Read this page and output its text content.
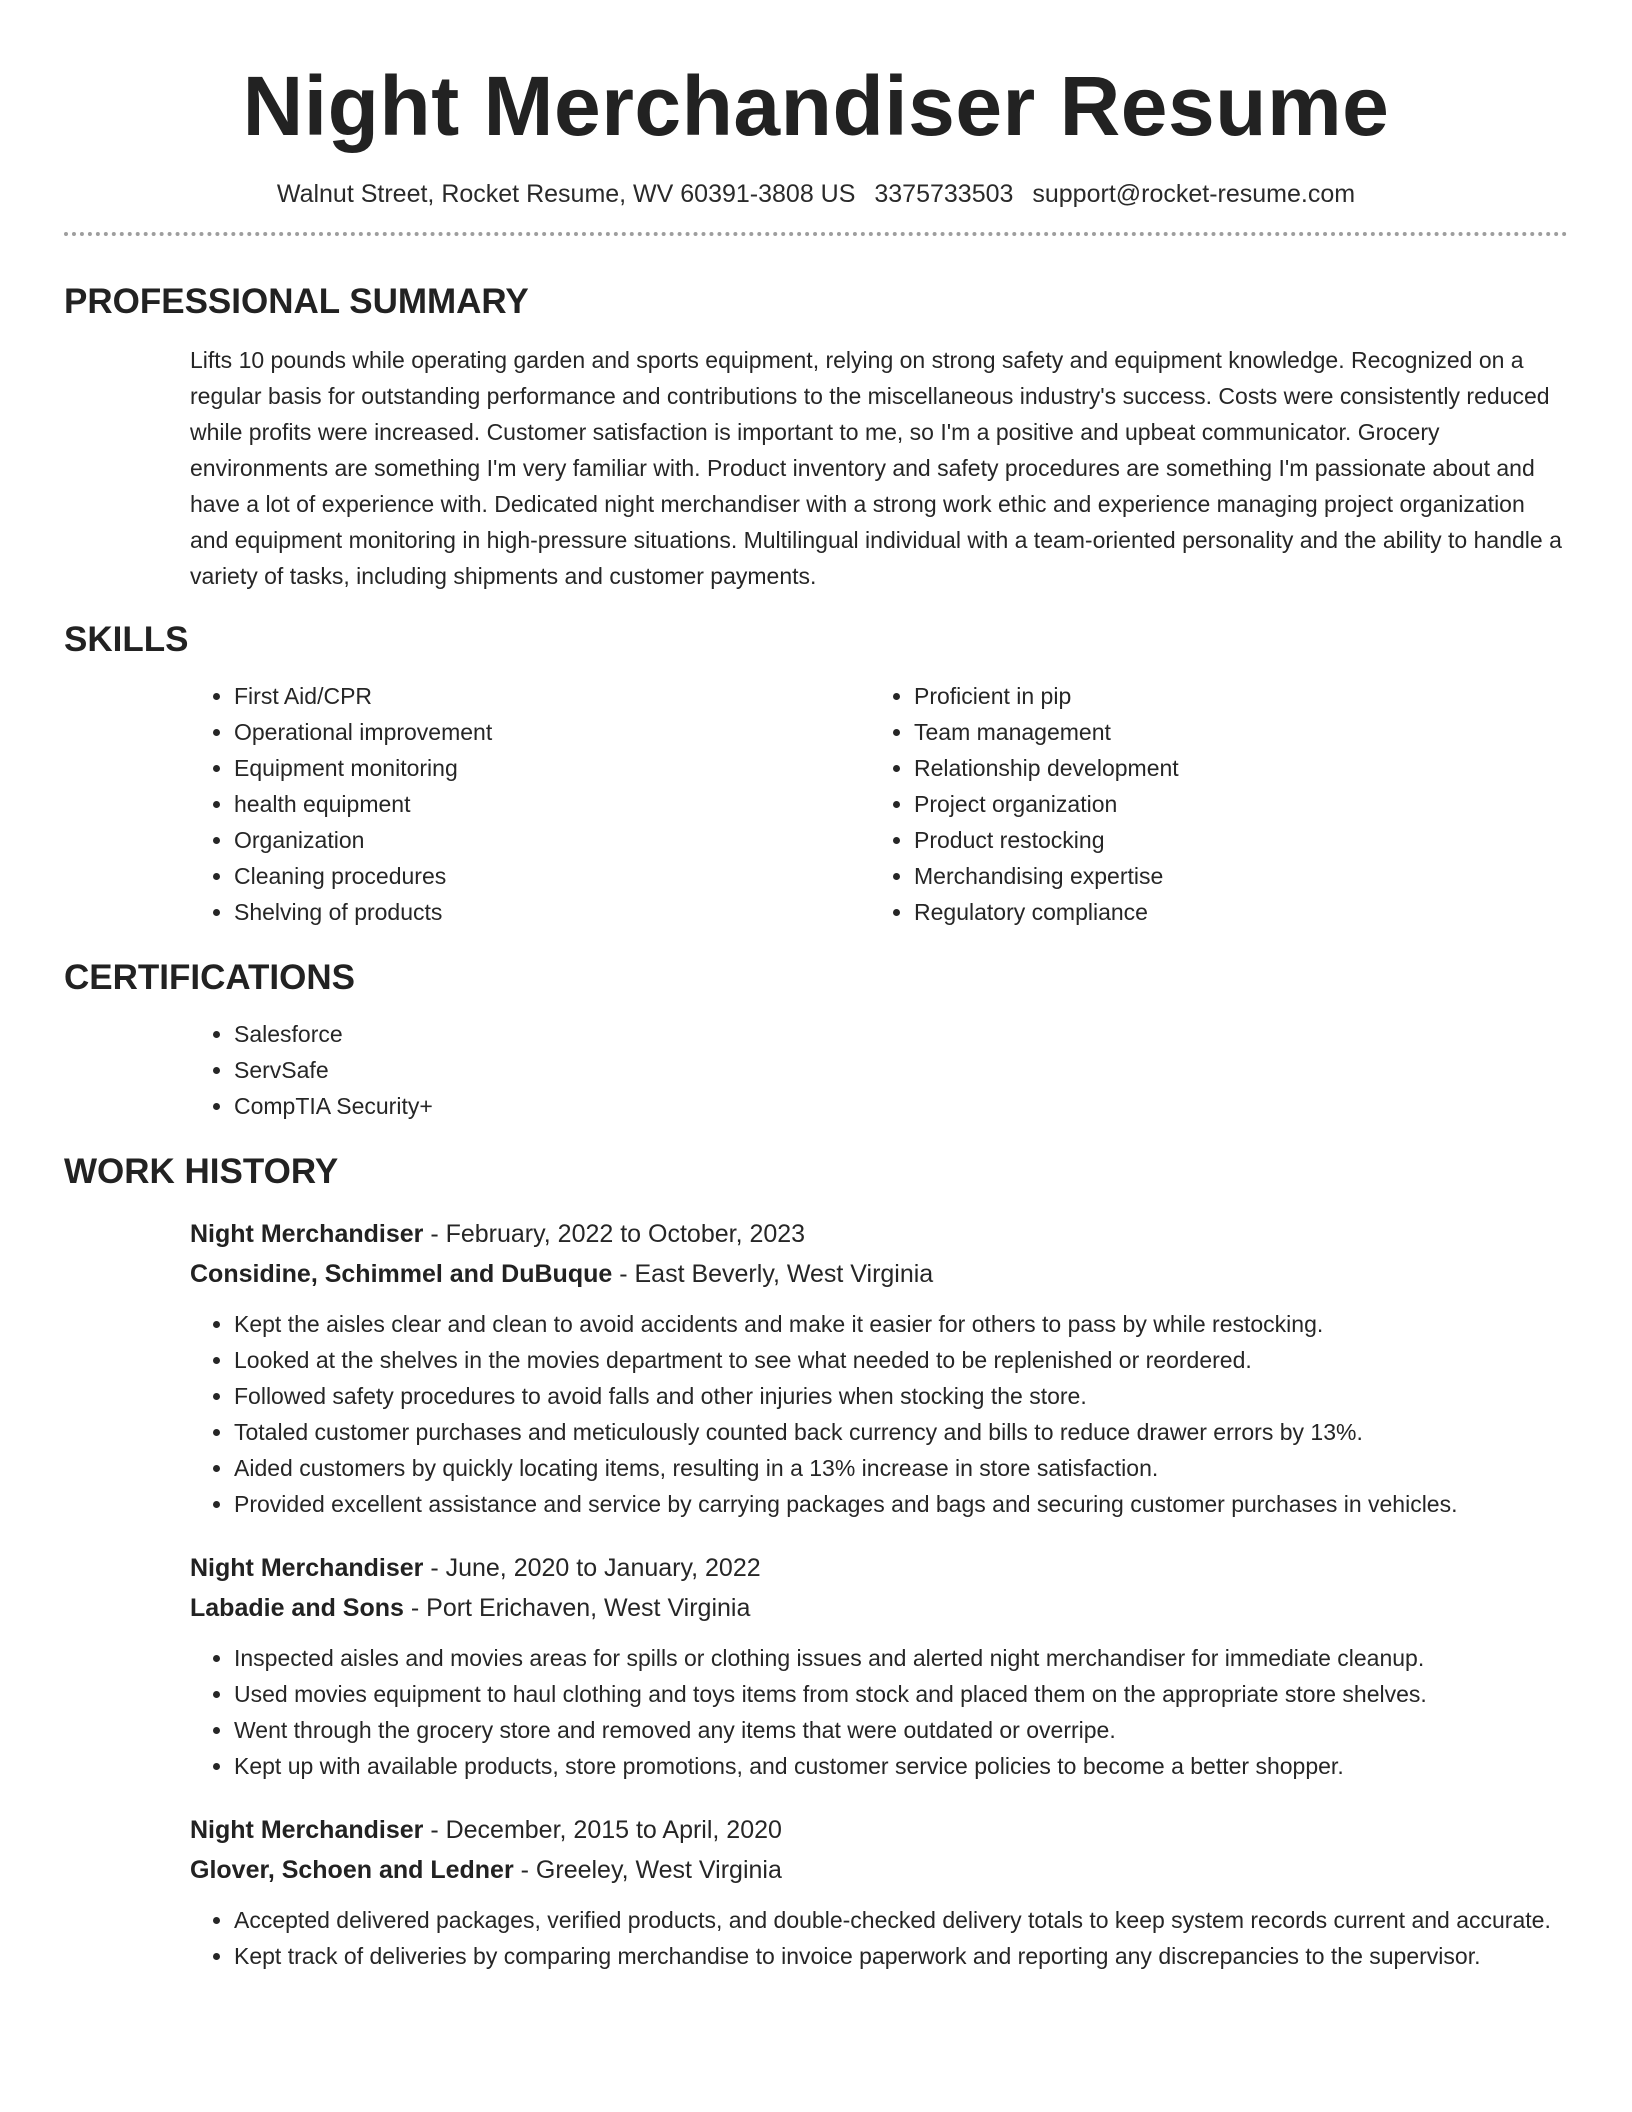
Night Merchandiser Resume
Walnut Street, Rocket Resume, WV 60391-3808 US 3375733503 support@rocket-resume.com
PROFESSIONAL SUMMARY

Lifts 10 pounds while operating garden and sports equipment, relying on strong safety and equipment knowledge. Recognized on a regular basis for outstanding performance and contributions to the miscellaneous industry's success. Costs were consistently reduced while profits were increased. Customer satisfaction is important to me, so I'm a positive and upbeat communicator. Grocery environments are something I'm very familiar with. Product inventory and safety procedures are something I'm passionate about and have a lot of experience with. Dedicated night merchandiser with a strong work ethic and experience managing project organization and equipment monitoring in high-pressure situations. Multilingual individual with a team-oriented personality and the ability to handle a variety of tasks, including shipments and customer payments.

SKILLS
• First Aid/CPR
• Operational improvement
• Equipment monitoring
• health equipment
• Organization
• Cleaning procedures
• Shelving of products
• Proficient in pip
• Team management
• Relationship development
• Project organization
• Product restocking
• Merchandising expertise
• Regulatory compliance
CERTIFICATIONS
• Salesforce
• ServSafe
• CompTIA Security+
WORK HISTORY
Night Merchandiser - February, 2022 to October, 2023
Considine, Schimmel and DuBuque - East Beverly, West Virginia
• Kept the aisles clear and clean to avoid accidents and make it easier for others to pass by while restocking.
• Looked at the shelves in the movies department to see what needed to be replenished or reordered.
• Followed safety procedures to avoid falls and other injuries when stocking the store.
• Totaled customer purchases and meticulously counted back currency and bills to reduce drawer errors by 13%.
• Aided customers by quickly locating items, resulting in a 13% increase in store satisfaction.
• Provided excellent assistance and service by carrying packages and bags and securing customer purchases in vehicles.
Night Merchandiser - June, 2020 to January, 2022
Labadie and Sons - Port Erichaven, West Virginia
• Inspected aisles and movies areas for spills or clothing issues and alerted night merchandiser for immediate cleanup.
• Used movies equipment to haul clothing and toys items from stock and placed them on the appropriate store shelves.
• Went through the grocery store and removed any items that were outdated or overripe.
• Kept up with available products, store promotions, and customer service policies to become a better shopper.
Night Merchandiser - December, 2015 to April, 2020
Glover, Schoen and Ledner - Greeley, West Virginia
• Accepted delivered packages, verified products, and double-checked delivery totals to keep system records current and accurate.
• Kept track of deliveries by comparing merchandise to invoice paperwork and reporting any discrepancies to the supervisor.
